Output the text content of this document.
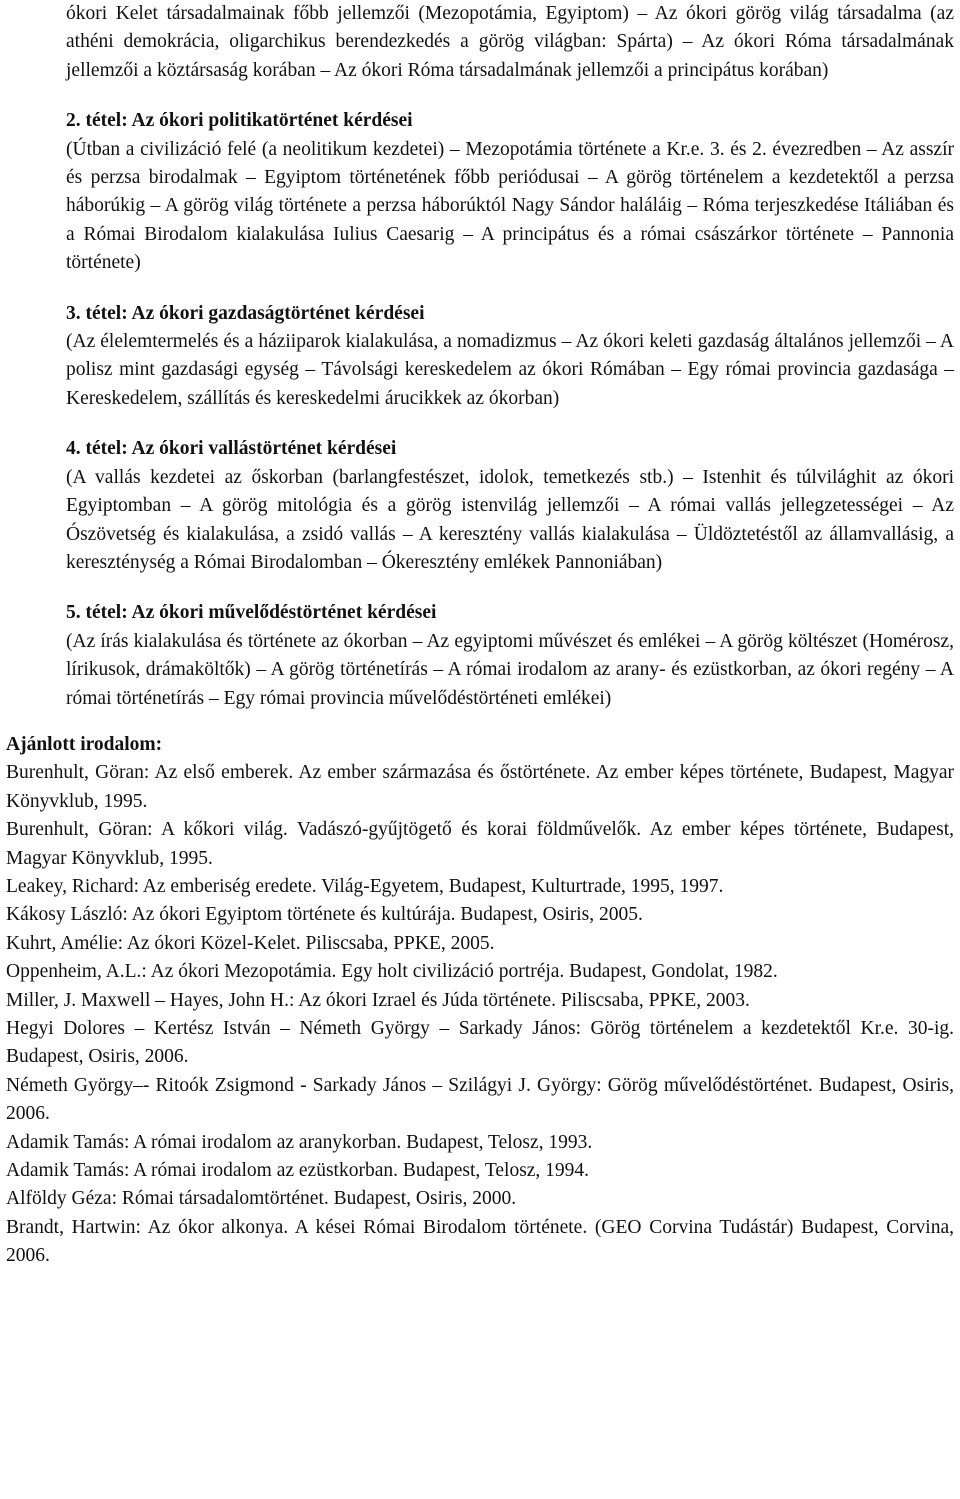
ókori Kelet társadalmainak főbb jellemzői (Mezopotámia, Egyiptom) – Az ókori görög világ társadalma (az athéni demokrácia, oligarchikus berendezkedés a görög világban: Spárta) – Az ókori Róma társadalmának jellemzői a köztársaság korában – Az ókori Róma társadalmának jellemzői a principátus korában)
2. tétel: Az ókori politikatörténet kérdései
(Útban a civilizáció felé (a neolitikum kezdetei) – Mezopotámia története a Kr.e. 3. és 2. évezredben – Az asszír és perzsa birodalmak – Egyiptom történetének főbb periódusai – A görög történelem a kezdetektől a perzsa háborúkig – A görög világ története a perzsa háborúktól Nagy Sándor haláláig – Róma terjeszkedése Itáliában és a Római Birodalom kialakulása Iulius Caesarig – A principátus és a római császárkor története – Pannonia története)
3. tétel: Az ókori gazdaságtörténet kérdései
(Az élelemtermelés és a háziiparok kialakulása, a nomadizmus – Az ókori keleti gazdaság általános jellemzői – A polisz mint gazdasági egység – Távolsági kereskedelem az ókori Rómában – Egy római provincia gazdasága – Kereskedelem, szállítás és kereskedelmi árucikkek az ókorban)
4. tétel: Az ókori vallástörténet kérdései
(A vallás kezdetei az őskorban (barlangfestészet, idolok, temetkezés stb.) – Istenhit és túlvilághit az ókori Egyiptomban – A görög mitológia és a görög istenvilág jellemzői – A római vallás jellegzetességei – Az Ószövetség és kialakulása, a zsidó vallás – A keresztény vallás kialakulása – Üldöztetéstől az államvallásig, a kereszténység a Római Birodalomban – Ókeresztény emlékek Pannoniában)
5. tétel: Az ókori művelődéstörténet kérdései
(Az írás kialakulása és története az ókorban – Az egyiptomi művészet és emlékei – A görög költészet (Homérosz, lírikusok, drámaköltők) – A görög történetírás – A római irodalom az arany- és ezüstkorban, az ókori regény – A római történetírás – Egy római provincia művelődéstörténeti emlékei)
Ajánlott irodalom:
Burenhult, Göran: Az első emberek. Az ember származása és őstörténete. Az ember képes története, Budapest, Magyar Könyvklub, 1995.
Burenhult, Göran: A kőkori világ. Vadászó-gyűjtögető és korai földművelők. Az ember képes története, Budapest, Magyar Könyvklub, 1995.
Leakey, Richard: Az emberiség eredete. Világ-Egyetem, Budapest, Kulturtrade, 1995, 1997.
Kákosy László: Az ókori Egyiptom története és kultúrája. Budapest, Osiris, 2005.
Kuhrt, Amélie: Az ókori Közel-Kelet. Piliscsaba, PPKE, 2005.
Oppenheim, A.L.: Az ókori Mezopotámia. Egy holt civilizáció portréja. Budapest, Gondolat, 1982.
Miller, J. Maxwell – Hayes, John H.: Az ókori Izrael és Júda története. Piliscsaba, PPKE, 2003.
Hegyi Dolores – Kertész István – Németh György – Sarkady János: Görög történelem a kezdetektől Kr.e. 30-ig. Budapest, Osiris, 2006.
Németh György–- Ritoók Zsigmond - Sarkady János – Szilágyi J. György: Görög művelődéstörténet. Budapest, Osiris, 2006.
Adamik Tamás: A római irodalom az aranykorban. Budapest, Telosz, 1993.
Adamik Tamás: A római irodalom az ezüstkorban. Budapest, Telosz, 1994.
Alföldy Géza: Római társadalomtörténet. Budapest, Osiris, 2000.
Brandt, Hartwin: Az ókor alkonya. A kései Római Birodalom története. (GEO Corvina Tudástár) Budapest, Corvina, 2006.
